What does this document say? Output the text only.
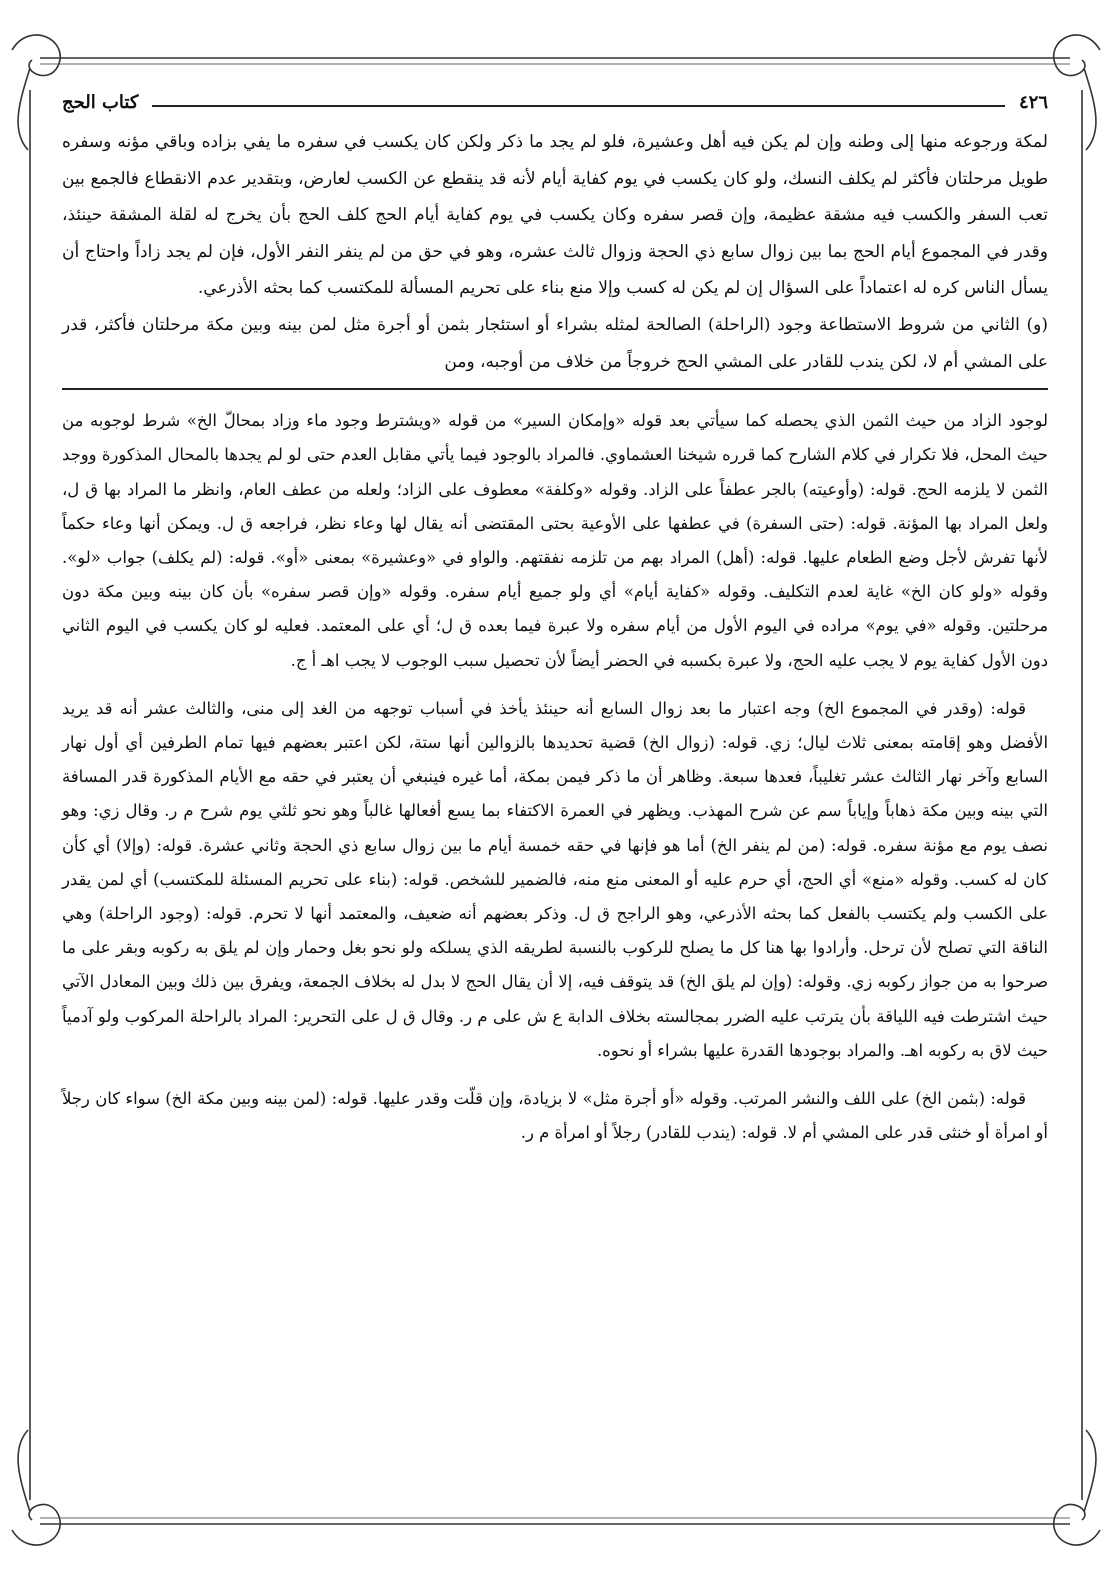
٤٢٦
كتاب الحج

لمكة ورجوعه منها إلى وطنه وإن لم يكن فيه أهل وعشيرة، فلو لم يجد ما ذكر ولكن كان يكسب في سفره ما يفي بزاده وباقي مؤنه وسفره طويل مرحلتان فأكثر لم يكلف النسك، ولو كان يكسب في يوم كفاية أيام لأنه قد ينقطع عن الكسب لعارض، وبتقدير عدم الانقطاع فالجمع بين تعب السفر والكسب فيه مشقة عظيمة، وإن قصر سفره وكان يكسب في يوم كفاية أيام الحج كلف الحج بأن يخرج له لقلة المشقة حينئذ، وقدر في المجموع أيام الحج بما بين زوال سابع ذي الحجة وزوال ثالث عشره، وهو في حق من لم ينفر النفر الأول، فإن لم يجد زاداً واحتاج أن يسأل الناس كره له اعتماداً على السؤال إن لم يكن له كسب وإلا منع بناء على تحريم المسألة للمكتسب كما بحثه الأذرعي.

(و) الثاني من شروط الاستطاعة وجود (الراحلة) الصالحة لمثله بشراء أو استئجار بثمن أو أجرة مثل لمن بينه وبين مكة مرحلتان فأكثر، قدر على المشي أم لا، لكن يندب للقادر على المشي الحج خروجاً من خلاف من أوجبه، ومن

لوجود الزاد من حيث الثمن الذي يحصله كما سيأتي بعد قوله «وإمكان السير» من قوله «ويشترط وجود ماء وزاد بمحالّ الخ» شرط لوجوبه من حيث المحل، فلا تكرار في كلام الشارح كما قرره شيخنا العشماوي. فالمراد بالوجود فيما يأتي مقابل العدم حتى لو لم يجدها بالمحال المذكورة ووجد الثمن لا يلزمه الحج. قوله: (وأوعيته) بالجر عطفاً على الزاد. وقوله «وكلفة» معطوف على الزاد؛ ولعله من عطف العام، وانظر ما المراد بها ق ل، ولعل المراد بها المؤنة. قوله: (حتى السفرة) في عطفها على الأوعية بحتى المقتضى أنه يقال لها وعاء نظر، فراجعه ق ل. ويمكن أنها وعاء حكماً لأنها تفرش لأجل وضع الطعام عليها. قوله: (أهل) المراد بهم من تلزمه نفقتهم. والواو في «وعشيرة» بمعنى «أو». قوله: (لم يكلف) جواب «لو». وقوله «ولو كان الخ» غاية لعدم التكليف. وقوله «كفاية أيام» أي ولو جميع أيام سفره. وقوله «وإن قصر سفره» بأن كان بينه وبين مكة دون مرحلتين. وقوله «في يوم» مراده في اليوم الأول من أيام سفره ولا عبرة فيما بعده ق ل؛ أي على المعتمد. فعليه لو كان يكسب في اليوم الثاني دون الأول كفاية يوم لا يجب عليه الحج، ولا عبرة بكسبه في الحضر أيضاً لأن تحصيل سبب الوجوب لا يجب اهـ أ ج.

قوله: (وقدر في المجموع الخ) وجه اعتبار ما بعد زوال السابع أنه حينئذ يأخذ في أسباب توجهه من الغد إلى منى، والثالث عشر أنه قد يريد الأفضل وهو إقامته بمعنى ثلاث ليال؛ زي. قوله: (زوال الخ) قضية تحديدها بالزوالين أنها ستة، لكن اعتبر بعضهم فيها تمام الطرفين أي أول نهار السابع وآخر نهار الثالث عشر تغليباً، فعدها سبعة. وظاهر أن ما ذكر فيمن بمكة، أما غيره فينبغي أن يعتبر في حقه مع الأيام المذكورة قدر المسافة التي بينه وبين مكة ذهاباً وإياباً سم عن شرح المهذب. ويظهر في العمرة الاكتفاء بما يسع أفعالها غالباً وهو نحو ثلثي يوم شرح م ر. وقال زي: وهو نصف يوم مع مؤنة سفره. قوله: (من لم ينفر الخ) أما هو فإنها في حقه خمسة أيام ما بين زوال سابع ذي الحجة وثاني عشرة. قوله: (وإلا) أي كأن كان له كسب. وقوله «منع» أي الحج، أي حرم عليه أو المعنى منع منه، فالضمير للشخص. قوله: (بناء على تحريم المسئلة للمكتسب) أي لمن يقدر على الكسب ولم يكتسب بالفعل كما بحثه الأذرعي، وهو الراجح ق ل. وذكر بعضهم أنه ضعيف، والمعتمد أنها لا تحرم. قوله: (وجود الراحلة) وهي الناقة التي تصلح لأن ترحل. وأرادوا بها هنا كل ما يصلح للركوب بالنسبة لطريقه الذي يسلكه ولو نحو بغل وحمار وإن لم يلق به ركوبه وبقر على ما صرحوا به من جواز ركوبه زي. وقوله: (وإن لم يلق الخ) قد يتوقف فيه، إلا أن يقال الحج لا بدل له بخلاف الجمعة، ويفرق بين ذلك وبين المعادل الآتي حيث اشترطت فيه اللياقة بأن يترتب عليه الضرر بمجالسته بخلاف الدابة ع ش على م ر. وقال ق ل على التحرير: المراد بالراحلة المركوب ولو آدمياً حيث لاق به ركوبه اهـ. والمراد بوجودها القدرة عليها بشراء أو نحوه.

قوله: (بثمن الخ) على اللف والنشر المرتب. وقوله «أو أجرة مثل» لا بزيادة، وإن قلّت وقدر عليها. قوله: (لمن بينه وبين مكة الخ) سواء كان رجلاً أو امرأة أو خنثى قدر على المشي أم لا. قوله: (يندب للقادر) رجلاً أو امرأة م ر.
